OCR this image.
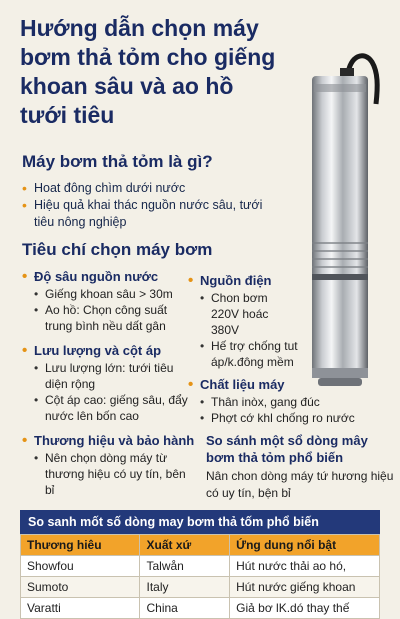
Hướng dẫn chọn máy bơm thả tỏm cho giếng khoan sâu và ao hồ tưới tiêu
Máy bơm thả tỏm là gì?
• Hoat đông chìm dưới nước
• Hiệu quả khai thác nguồn nước sâu, tưới tiêu nông nghiệp
Tiêu chí chọn máy bơm
• Độ sâu nguồn nước
• Giếng khoan sâu > 30m
• Ao hồ: Chọn công suất trung bình nều dất gân
• Lưu lượng và cột áp
• Lưu lượng lớn: tưới tiêu diện rộng
• Cột áp cao: giếng sâu, đẩy nước lên bốn cao
• Thương hiệu và bảo hành
• Nên chọn dòng máy từ thương hiệu có uy tín, bên bỉ
• Nguồn điện
• Chon bơm 220V hoác 380V
• Hế trợ chống tut áp/k.đông mềm
• Chất liệu máy
• Thân inòx, gang đúc
• Phợt cớ khl chống ro nước

So sánh một sổ dòng mây bơm thả tỏm phổ biến

Nân chon dòng máy tứ hương hiệu có uy tín, bện bỉ

So sanh mốt số dòng may bơm thả tốm phổ biến
Thương hiêu	Xuất xứ	Ứng dung nổi bật
Showfou	Talwån	Hút nước thải ao hó,
Sumoto	Italy	Hút nước giếng khoan
Varatti	China	Giả bơ lK.dó thay thế
